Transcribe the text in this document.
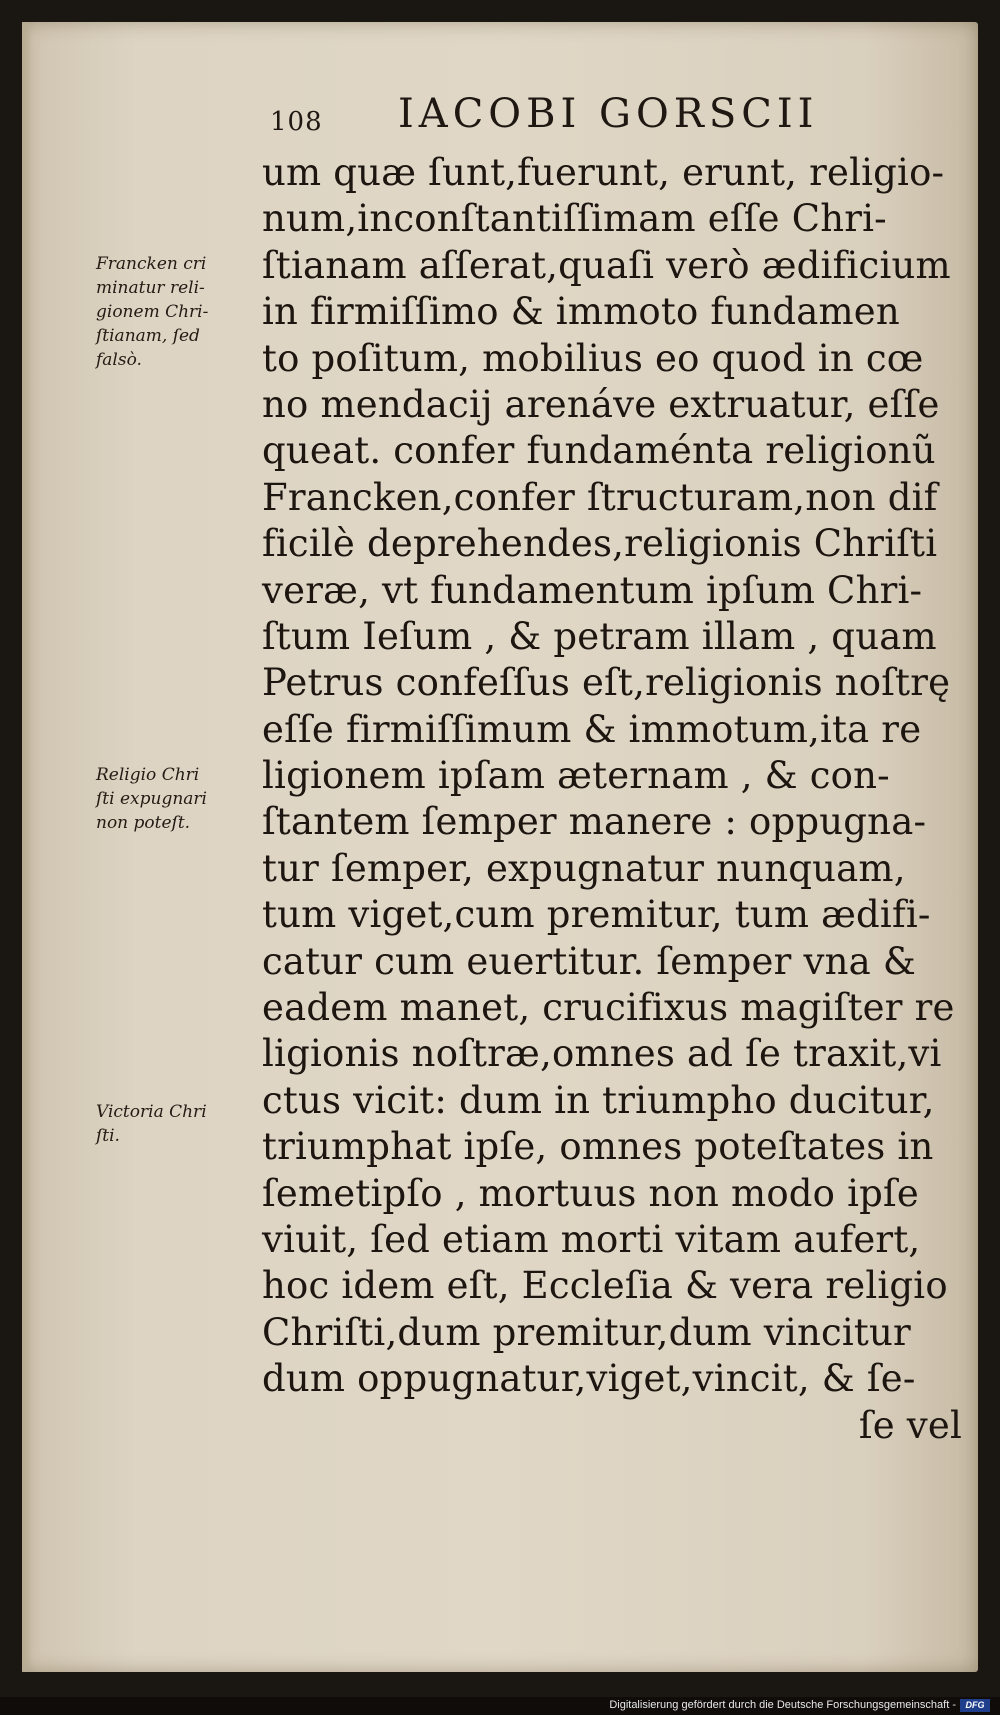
108 IACOBI GORSCII
um quæ ſunt,fuerunt, erunt, religio-
num,inconſtantiſſimam eſſe Chri-
ſtianam aſſerat,quaſi verò ædificium
in firmiſſimo & immoto fundamen
to poſitum, mobilius eo quod in cœ
no mendacij arenáve extruatur, eſſe
queat. confer fundaménta religionũ
Francken,confer ſtructuram,non dif
ficilè deprehendes,religionis Chriſti
veræ, vt fundamentum ipſum Chri-
ſtum Ieſum , & petram illam , quam
Petrus confeſſus eſt,religionis noſtrę
eſſe firmiſſimum & immotum,ita re
ligionem ipſam æternam , & con-
ſtantem ſemper manere : oppugna-
tur ſemper, expugnatur nunquam,
tum viget,cum premitur, tum ædifi-
catur cum euertitur. ſemper vna &
eadem manet, crucifixus magiſter re
ligionis noſtræ,omnes ad ſe traxit,vi
ctus vicit: dum in triumpho ducitur,
triumphat ipſe, omnes poteſtates in
ſemetipſo , mortuus non modo ipſe
viuit, ſed etiam morti vitam aufert,
hoc idem eſt, Eccleſia & vera religio
Chriſti,dum premitur,dum vincitur
dum oppugnatur,viget,vincit, & ſe-
ſe vel
Francken cri
minatur reli-
gionem Chri-
ſtianam, ſed
falsò.
Religio Chri
ſti expugnari
non poteſt.
Victoria Chri
ſti.
Digitalisierung gefördert durch die Deutsche Forschungsgemeinschaft -	DFG
